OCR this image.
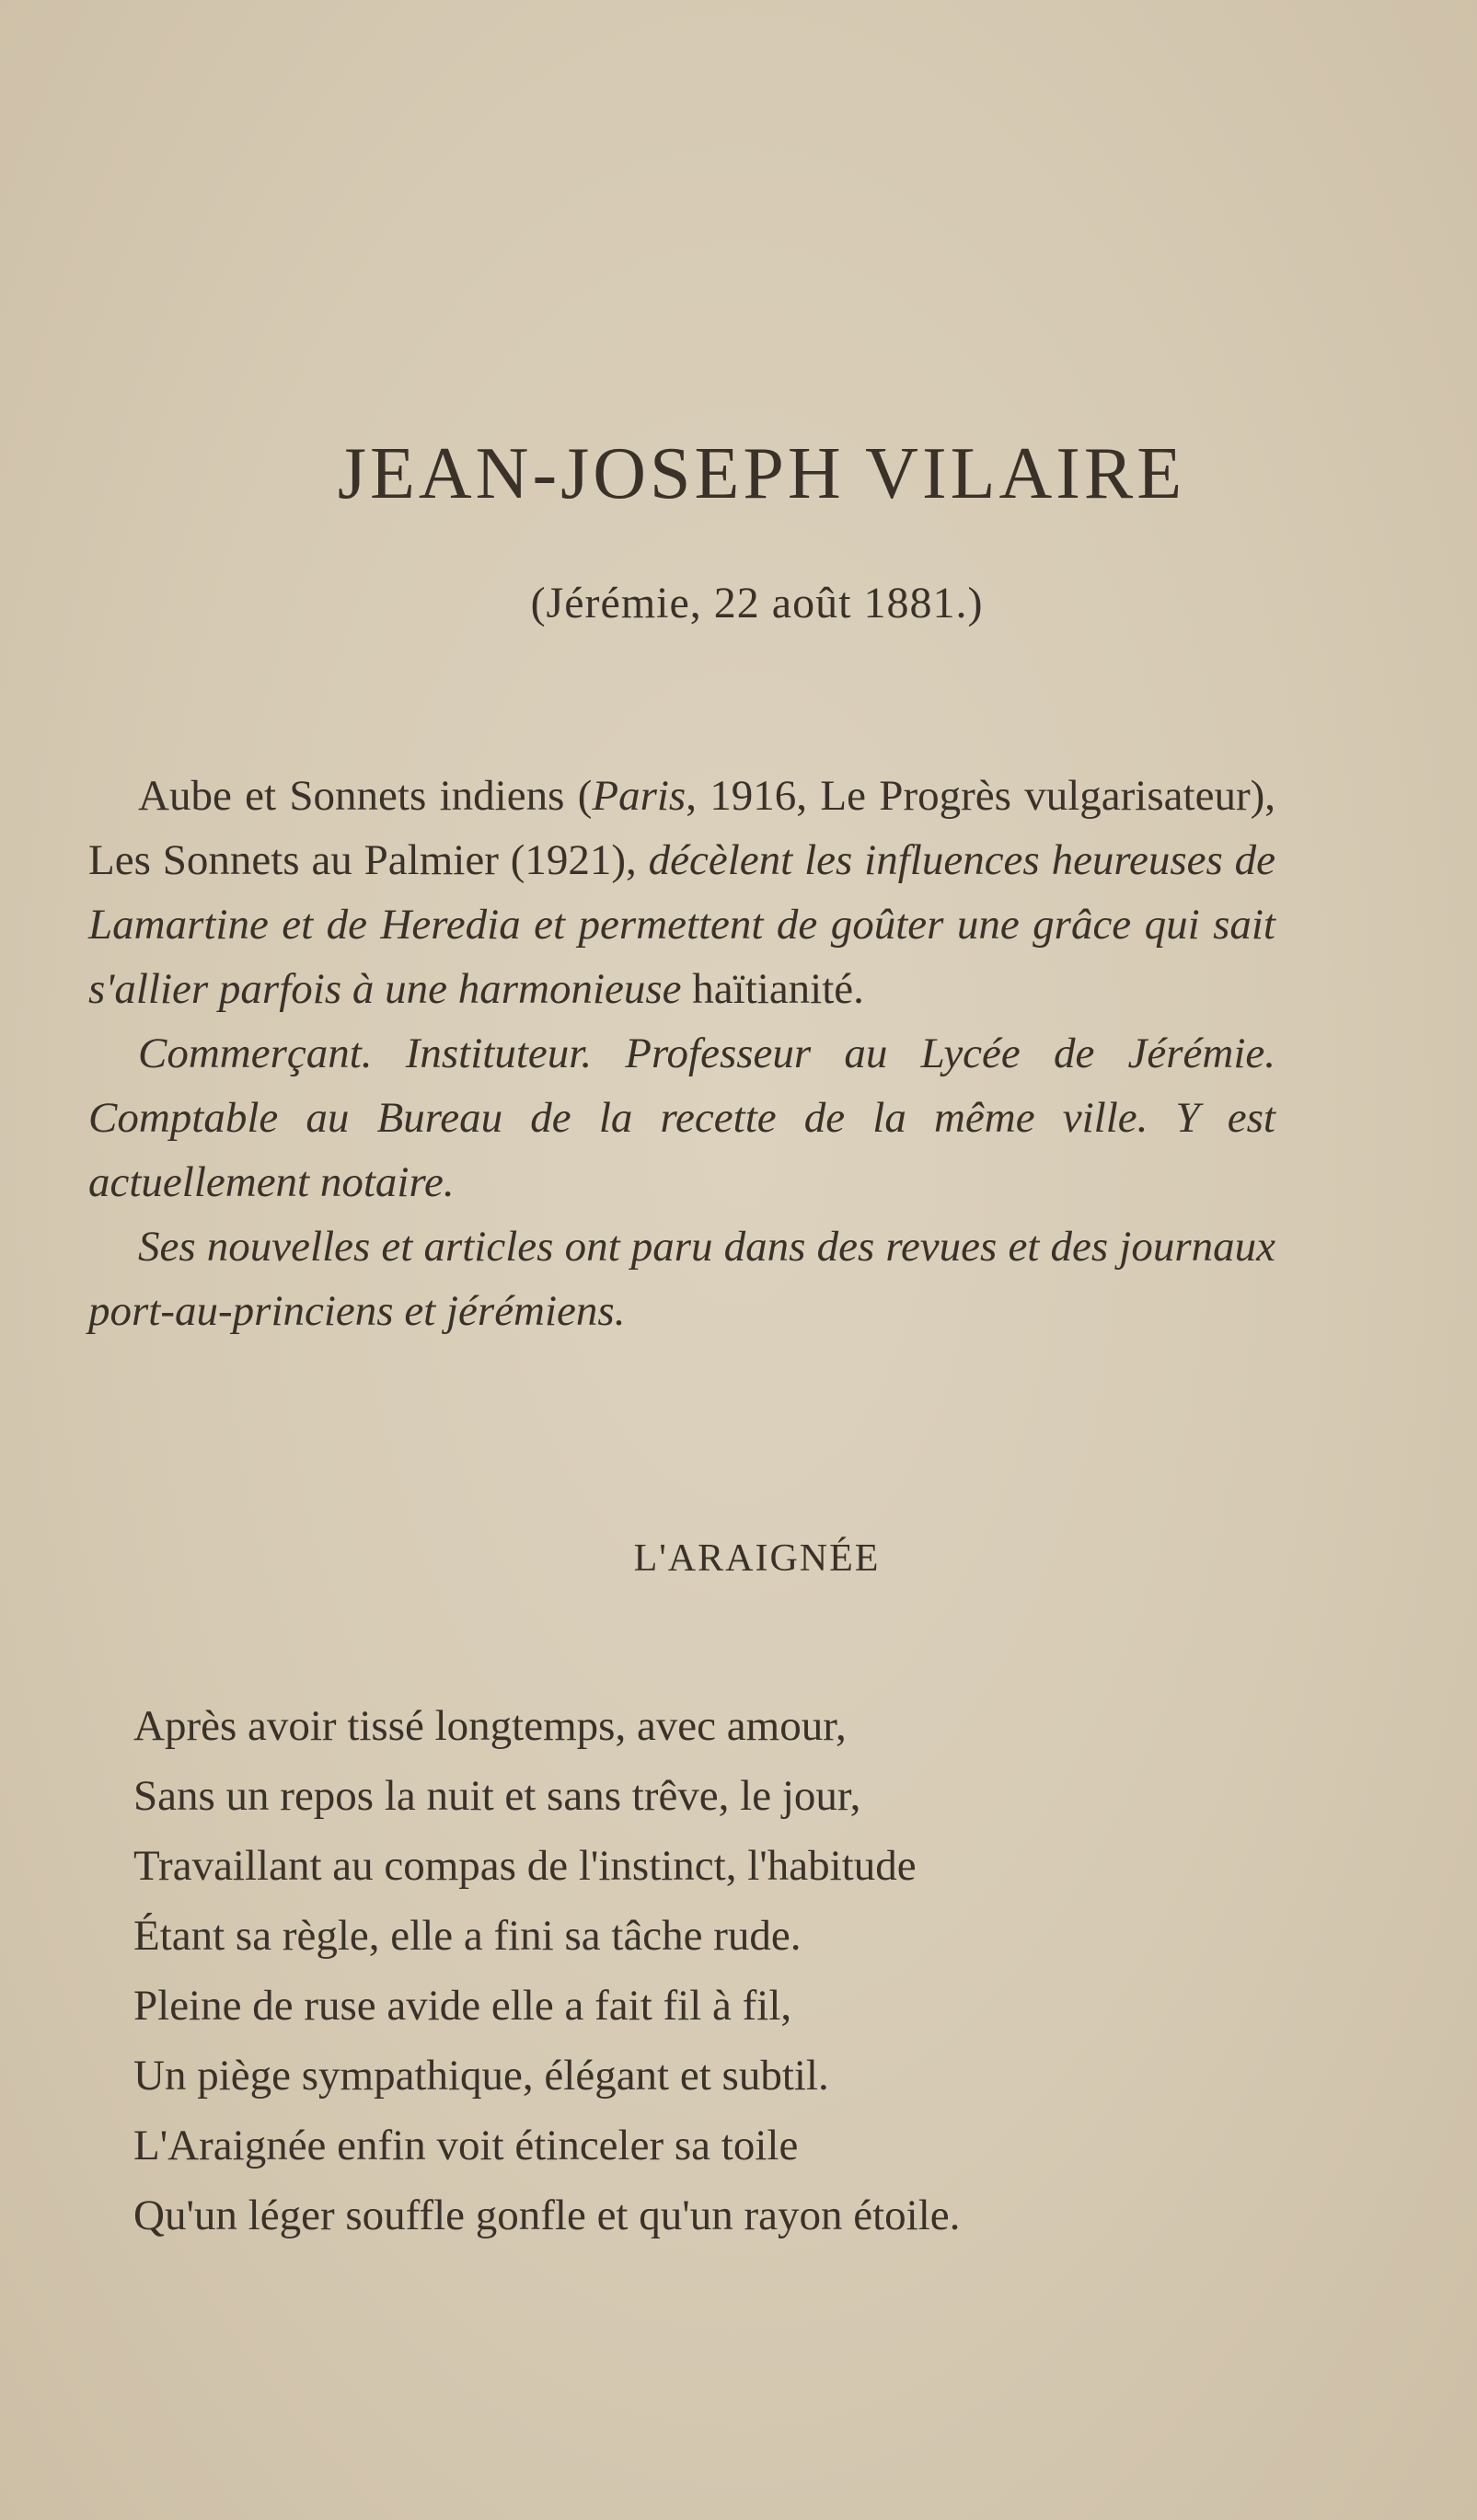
JEAN-JOSEPH VILAIRE
(Jérémie, 22 août 1881.)

Aube et Sonnets indiens (Paris, 1916, Le Progrès vulgarisateur), Les Sonnets au Palmier (1921), décèlent les influences heureuses de Lamartine et de Heredia et permettent de goûter une grâce qui sait s'allier parfois à une harmonieuse haïtianité.

Commerçant. Instituteur. Professeur au Lycée de Jérémie. Comptable au Bureau de la recette de la même ville. Y est actuellement notaire.

Ses nouvelles et articles ont paru dans des revues et des journaux port-au-princiens et jérémiens.

L'ARAIGNÉE
Après avoir tissé longtemps, avec amour,
Sans un repos la nuit et sans trêve, le jour,
Travaillant au compas de l'instinct, l'habitude
Étant sa règle, elle a fini sa tâche rude.
Pleine de ruse avide elle a fait fil à fil,
Un piège sympathique, élégant et subtil.
L'Araignée enfin voit étinceler sa toile
Qu'un léger souffle gonfle et qu'un rayon étoile.
